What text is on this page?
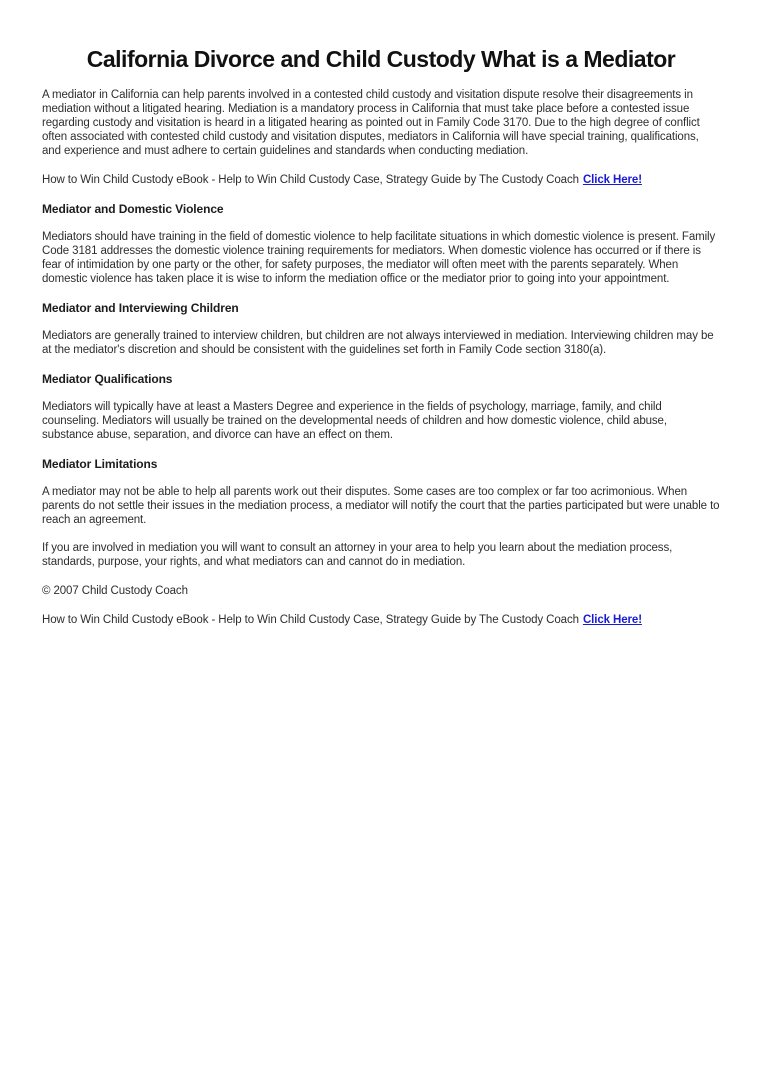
California Divorce and Child Custody What is a Mediator

A mediator in California can help parents involved in a contested child custody and visitation dispute resolve their disagreements in mediation without a litigated hearing. Mediation is a mandatory process in California that must take place before a contested issue regarding custody and visitation is heard in a litigated hearing as pointed out in Family Code 3170. Due to the high degree of conflict often associated with contested child custody and visitation disputes, mediators in California will have special training, qualifications, and experience and must adhere to certain guidelines and standards when conducting mediation.

How to Win Child Custody eBook - Help to Win Child Custody Case, Strategy Guide by The Custody Coach Click Here!

Mediator and Domestic Violence

Mediators should have training in the field of domestic violence to help facilitate situations in which domestic violence is present. Family Code 3181 addresses the domestic violence training requirements for mediators. When domestic violence has occurred or if there is fear of intimidation by one party or the other, for safety purposes, the mediator will often meet with the parents separately. When domestic violence has taken place it is wise to inform the mediation office or the mediator prior to going into your appointment.

Mediator and Interviewing Children

Mediators are generally trained to interview children, but children are not always interviewed in mediation. Interviewing children may be at the mediator's discretion and should be consistent with the guidelines set forth in Family Code section 3180(a).

Mediator Qualifications

Mediators will typically have at least a Masters Degree and experience in the fields of psychology, marriage, family, and child counseling. Mediators will usually be trained on the developmental needs of children and how domestic violence, child abuse, substance abuse, separation, and divorce can have an effect on them.

Mediator Limitations

A mediator may not be able to help all parents work out their disputes. Some cases are too complex or far too acrimonious. When parents do not settle their issues in the mediation process, a mediator will notify the court that the parties participated but were unable to reach an agreement.

If you are involved in mediation you will want to consult an attorney in your area to help you learn about the mediation process, standards, purpose, your rights, and what mediators can and cannot do in mediation.

© 2007 Child Custody Coach

How to Win Child Custody eBook - Help to Win Child Custody Case, Strategy Guide by The Custody Coach Click Here!
